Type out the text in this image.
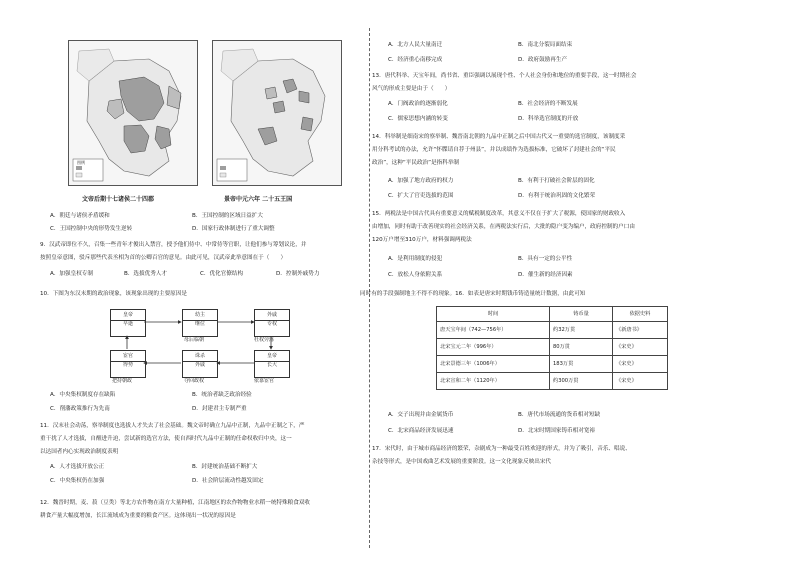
图例
文帝后期十七诸侯二十四郡	景帝中元六年 二十五王国
A．朝廷与诸侯矛盾缓和	B．王国控制的区域日益扩大
C．王国控制中央的形势发生逆转	D．国家行政体制进行了重大调整
9．汉武帝即位不久，召集一些青年才俊出入禁宫，授予他们侍中、中常侍等官职，让他们参与筹划议论，并
按照皇帝意图，驳斥那些代表丞相为首的公卿百官的意见。由此可见，汉武帝此举意图在于（　　）
A．加强皇权专制	B．选拔优秀人才	C．优化官僚结构	D．控制外戚势力
10．下图为东汉末期的政治现象，该现象出现的主要原因是
皇帝
早逝
幼主
继位
母后临朝
外戚
专权
杜权旁落
宦官
得势
把持朝政
诛杀
外戚
夺回政权
皇帝
长大
依靠宦官
A．中央集权制度存在缺陷	B．统治者缺乏政治经验
C．削藩政策推行为先南	D．封建君主专制严重
11．汉末社会动荡，察举制度也选拔人才失去了社会基础。魏文帝时确立九品中正制，九品中正制之下，严
重干扰了人才选拔，自醒进升迫，尝试新的选官方法，使自西时代九品中正制的任命权收归中央，这一
以达国者内心实现政治制度表明
A．人才选拔开放公正	B．封建统治基础不断扩大
C．中央集权仍在加强	D．社会阶层流动性越发固定
12．魏晋时期，麦、菽（豆类）等北方农作物在南方大量种植，江南地区的农作物物业水稻一统特殊粮食双收
耕食产量大幅度增加，长江流域成为重要的粮食产区。这体现出一状况的原因是
A．北方人民大量南迁	B．南北分裂局面结束
C．经济重心南移完成	D．政府鼓励再生产
13．唐代科举、天宝年间，尚书省、重臣强调以展现个性、个人社会身份和地位的重要手段，这一时期社会
风气的形成主要是由于（　　）
A．门阀政治的逐渐弱化	B．社会经济的不断发展
C．儒家思想内涵的转变	D．科举选官制度的开放
14．科举制是细南宋的察举制、魏晋南北朝的九品中正制之后中国古代又一重要的选官制度，该制度采
用分科考试的办法，允许“怀牒请自荐于州县”，并以成绩作为选拔标准，它破坏了封建社会的“平民
政治”，这种“平民政治”是指科举制
A．加强了地方政府的权力	B．有利于打破社会阶层的固化
C．扩大了官吏选拔的范围	D．有利于统治巩固的文化繁荣
15．两税法是中国古代具有重要意义的赋税制度改革，其意义不仅在于扩大了税源，使国家的财政收入
由增加，同时有助于改善现实的社会经济关系，在两税法实行后，大批的隐户变为编户，政府控制的户口由
120万户增至310万户，材料强调两税法
A．是利用制度的侵犯	B．具有一定的公平性
C．放松人身依附关系	D．催生新的经济因素
同时有的手段强制地主不得不的现象。16．如表是唐宋时期钱币铸造量统计数据，由此可知
时间	铸币量	依据史料
唐天宝年间（742—756年）	约32万贯	《新唐书》
北宋宝元二年（996年）	80万贯	《宋史》
北宋景德三年（1006年）	183万贯	《宋史》
北宋宣和二年（1120年）	约300万贯	《宋史》
A．交子出现并由金属货币	B．唐代市场流通的货币相对短缺
C．北宋商品经济发展迅速	D．北宋时期国家铸币相对宽裕
17．宋代时，由于城市商品经济的繁荣，杂剧成为一种最受百姓欢迎的形式，并为了吸引，音乐、唱说、
杂技等形式，是中国戏曲艺术发展的重要阶段。这一文化现象反映出宋代
